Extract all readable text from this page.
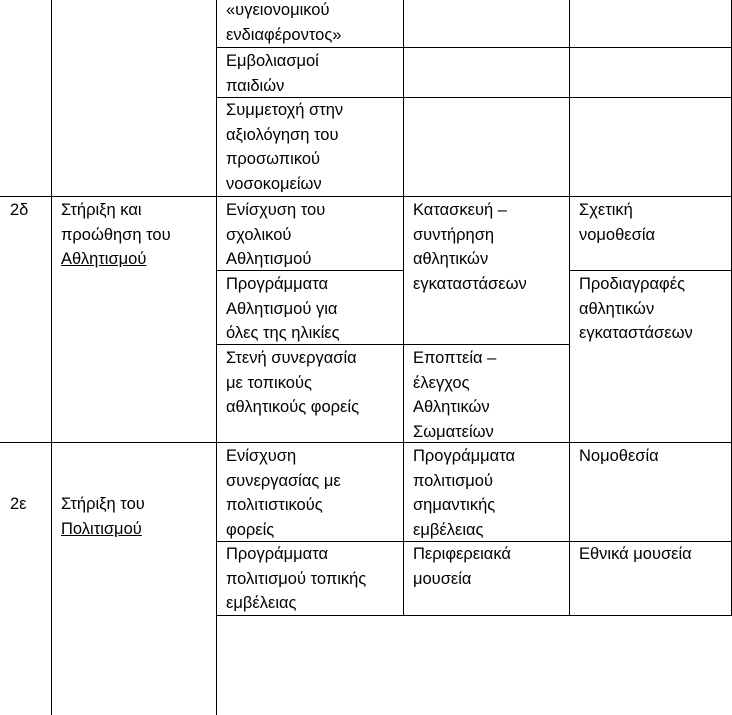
«υγειονομικού
ενδιαφέροντος»
Εμβολιασμοί
παιδιών
Συμμετοχή στην
αξιολόγηση του
προσωπικού
νοσοκομείων
2δ Στήριξη και
προώθηση του
Αθλητισμού
Ενίσχυση του
σχολικού
Αθλητισμού
Προγράμματα
Αθλητισμού για
όλες της ηλικίες
Στενή συνεργασία
με τοπικούς
αθλητικούς φορείς
Κατασκευή –
συντήρηση
αθλητικών
εγκαταστάσεων
Εποπτεία –
έλεγχος
Αθλητικών
Σωματείων
Σχετική
νομοθεσία
Προδιαγραφές
αθλητικών
εγκαταστάσεων
2ε Στήριξη του
Πολιτισμού
Ενίσχυση
συνεργασίας με
πολιτιστικούς
φορείς
Προγράμματα
πολιτισμού
σημαντικής
εμβέλειας
Νομοθεσία
Προγράμματα
πολιτισμού τοπικής
εμβέλειας
Περιφερειακά
μουσεία
Εθνικά μουσεία
